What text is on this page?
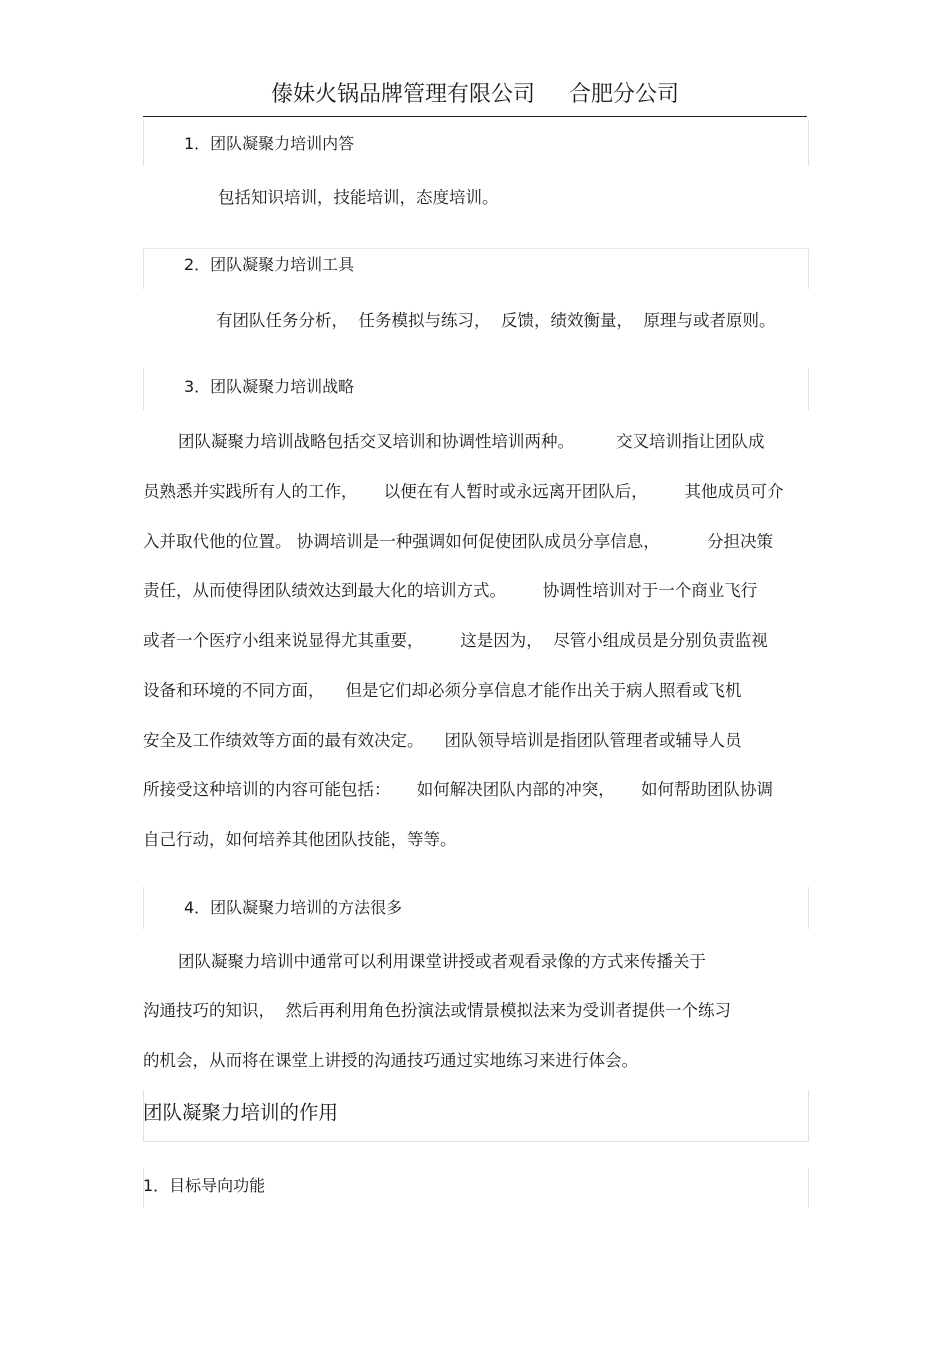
傣妹火锅品牌管理有限公司 合肥分公司
1．团队凝聚力培训内答
包括知识培训，技能培训，态度培训。
2．团队凝聚力培训工具
有团队任务分析，  任务模拟与练习，  反馈，绩效衡量，  原理与或者原则。
3．团队凝聚力培训战略
团队凝聚力培训战略包括交叉培训和协调性培训两种。        交叉培训指让团队成
员熟悉并实践所有人的工作，     以便在有人暂时或永远离开团队后，       其他成员可介
入并取代他的位置。 协调培训是一种强调如何促使团队成员分享信息，         分担决策
责任，从而使得团队绩效达到最大化的培训方式。       协调性培训对于一个商业飞行
或者一个医疗小组来说显得尤其重要，       这是因为，  尽管小组成员是分别负责监视
设备和环境的不同方面，    但是它们却必须分享信息才能作出关于病人照看或飞机
安全及工作绩效等方面的最有效决定。    团队领导培训是指团队管理者或辅导人员
所接受这种培训的内容可能包括：     如何解决团队内部的冲突，     如何帮助团队协调
自己行动，如何培养其他团队技能，等等。
4．团队凝聚力培训的方法很多
团队凝聚力培训中通常可以利用课堂讲授或者观看录像的方式来传播关于
沟通技巧的知识，  然后再利用角色扮演法或情景模拟法来为受训者提供一个练习
的机会，从而将在课堂上讲授的沟通技巧通过实地练习来进行体会。
团队凝聚力培训的作用
1．目标导向功能
